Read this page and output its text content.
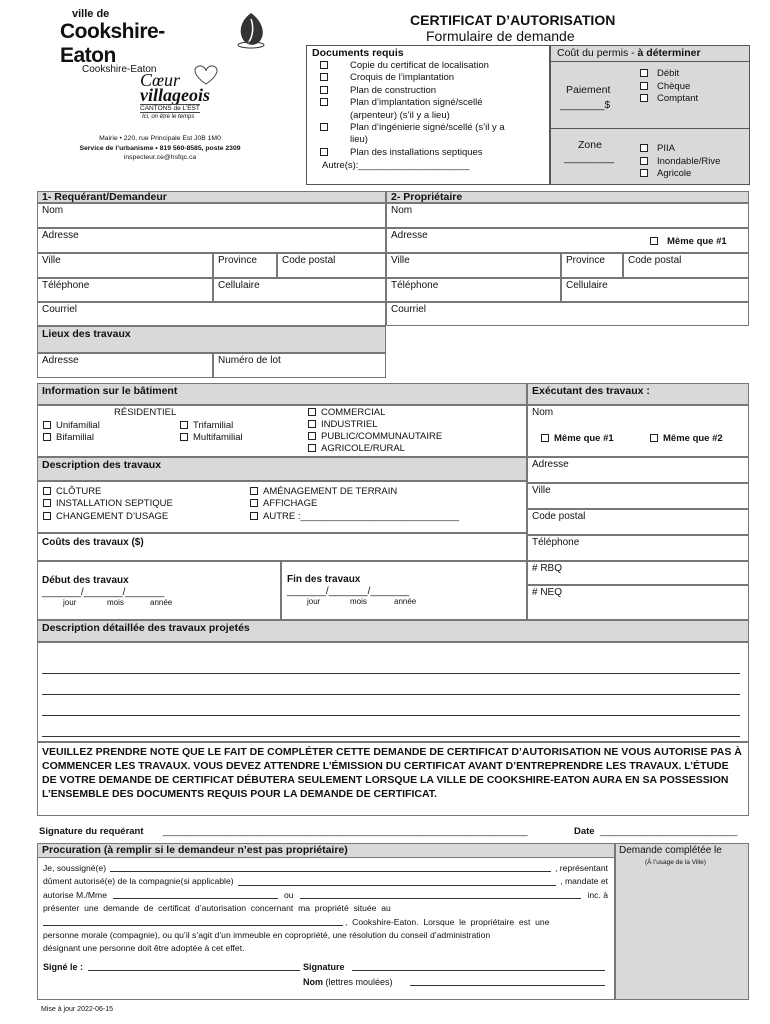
ville de
Cookshire-Eaton
CERTIFICAT D’AUTORISATION
Formulaire de demande
Cookshire-Eaton
Cœur
villageois
CANTONS de L’EST
Ici, on être le temps
Mairie • 220, rue Principale Est J0B 1M0
Service de l’urbanisme • 819 560-8585, poste 2309
inspecteur.ce@hsfqc.ca
Documents requis
Copie du certificat de localisation
Croquis de l’implantation
Plan de construction
Plan d’implantation signé/scellé
(arpenteur) (s’il y a lieu)
Plan d’ingénierie signé/scellé (s’il y a
lieu)
Plan des installations septiques
Autre(s):_____________________
Coût du permis - à déterminer
Paiement
________$
Débit
Chèque
Comptant
Zone
_________
PIIA
Inondable/Rive
Agricole
1- Requérant/Demandeur	2- Propriétaire
Nom
Adresse
Ville	Province	Code postal
Téléphone	Cellulaire
Courriel
Nom
Adresse
Même que #1
Ville	Province Code postal
Téléphone	Cellulaire
Courriel
Lieux des travaux
Adresse	Numéro de lot
Information sur le bâtiment	Exécutant des travaux :
RÉSIDENTIEL
Unifamilial
Bifamilial
Trifamilial
Multifamilial
COMMERCIAL
INDUSTRIEL
PUBLIC/COMMUNAUTAIRE
AGRICOLE/RURAL
Nom
Même que #1	Même que #2
Adresse
Ville
Code postal
Téléphone
# RBQ
# NEQ
Description des travaux
CLÔTURE
INSTALLATION SEPTIQUE
CHANGEMENT D’USAGE
AMÉNAGEMENT DE TERRAIN
AFFICHAGE
AUTRE :______________________________
Coûts des travaux ($)
Début des travaux
_______/_______/_______
jour	mois	année
Fin des travaux
_______/_______/_______
jour	mois	année
Description détaillée des travaux projetés
VEUILLEZ PRENDRE NOTE QUE LE FAIT DE COMPLÉTER CETTE DEMANDE DE CERTIFICAT D’AUTORISATION NE VOUS AUTORISE PAS À COMMENCER LES TRAVAUX. VOUS DEVEZ ATTENDRE L’ÉMISSION DU CERTIFICAT AVANT D’ENTREPRENDRE LES TRAVAUX. L’ÉTUDE DE VOTRE DEMANDE DE CERTIFICAT DÉBUTERA SEULEMENT LORSQUE LA VILLE DE COOKSHIRE-EATON AURA EN SA POSSESSION L’ENSEMBLE DES DOCUMENTS REQUIS POUR LA DEMANDE DE CERTIFICAT.
Signature du requérant _____________________________________________________________________	Date __________________________
Procuration (à remplir si le demandeur n’est pas propriétaire)	Demande complétée le
(À l’usage de la Ville)
Je, soussigné(e)	, représentant
dûment autorisé(e) de la compagnie(si applicable)	, mandate et
autorise M./Mme	ou	inc. à
présenter  une  demande  de  certificat  d’autorisation  concernant  ma  propriété  située  au
,  Cookshire-Eaton.  Lorsque  le  propriétaire  est  une
personne morale (compagnie), ou qu’il s’agit d’un immeuble en copropriété, une résolution du conseil d’administration
désignant une personne doit être adoptée à cet effet.
Signé le :	Signature
Nom (lettres moulées)
Mise à jour 2022-06-15
